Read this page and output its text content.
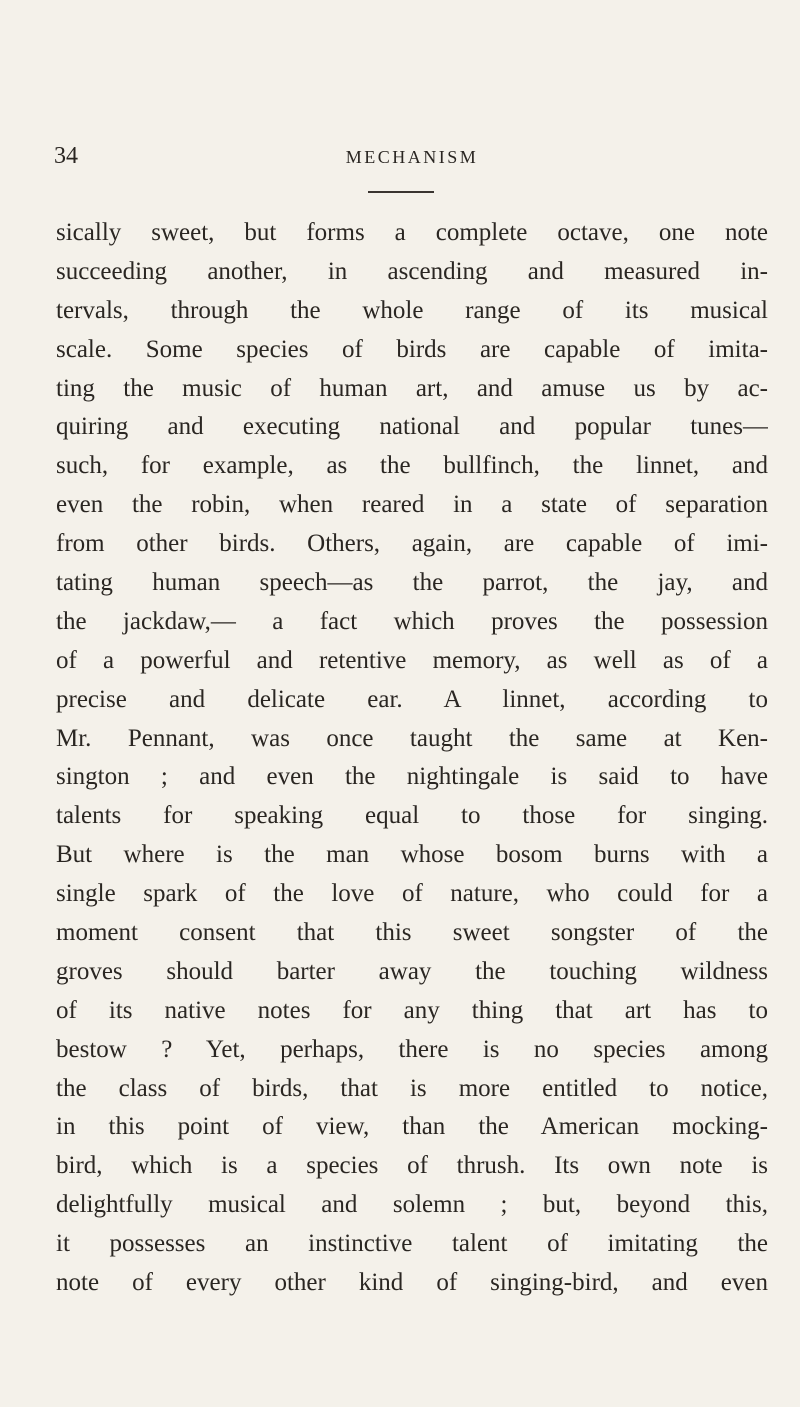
34	MECHANISM
sically sweet, but forms a complete octave, one note
succeeding another, in ascending and measured in-
tervals, through the whole range of its musical
scale. Some species of birds are capable of imita-
ting the music of human art, and amuse us by ac-
quiring and executing national and popular tunes—
such, for example, as the bullfinch, the linnet, and
even the robin, when reared in a state of separation
from other birds. Others, again, are capable of imi-
tating human speech—as the parrot, the jay, and
the jackdaw,— a fact which proves the possession
of a powerful and retentive memory, as well as of a
precise and delicate ear. A linnet, according to
Mr. Pennant, was once taught the same at Ken-
sington ; and even the nightingale is said to have
talents for speaking equal to those for singing.
But where is the man whose bosom burns with a
single spark of the love of nature, who could for a
moment consent that this sweet songster of the
groves should barter away the touching wildness
of its native notes for any thing that art has to
bestow ? Yet, perhaps, there is no species among
the class of birds, that is more entitled to notice,
in this point of view, than the American mocking-
bird, which is a species of thrush. Its own note is
delightfully musical and solemn ; but, beyond this,
it possesses an instinctive talent of imitating the
note of every other kind of singing-bird, and even
